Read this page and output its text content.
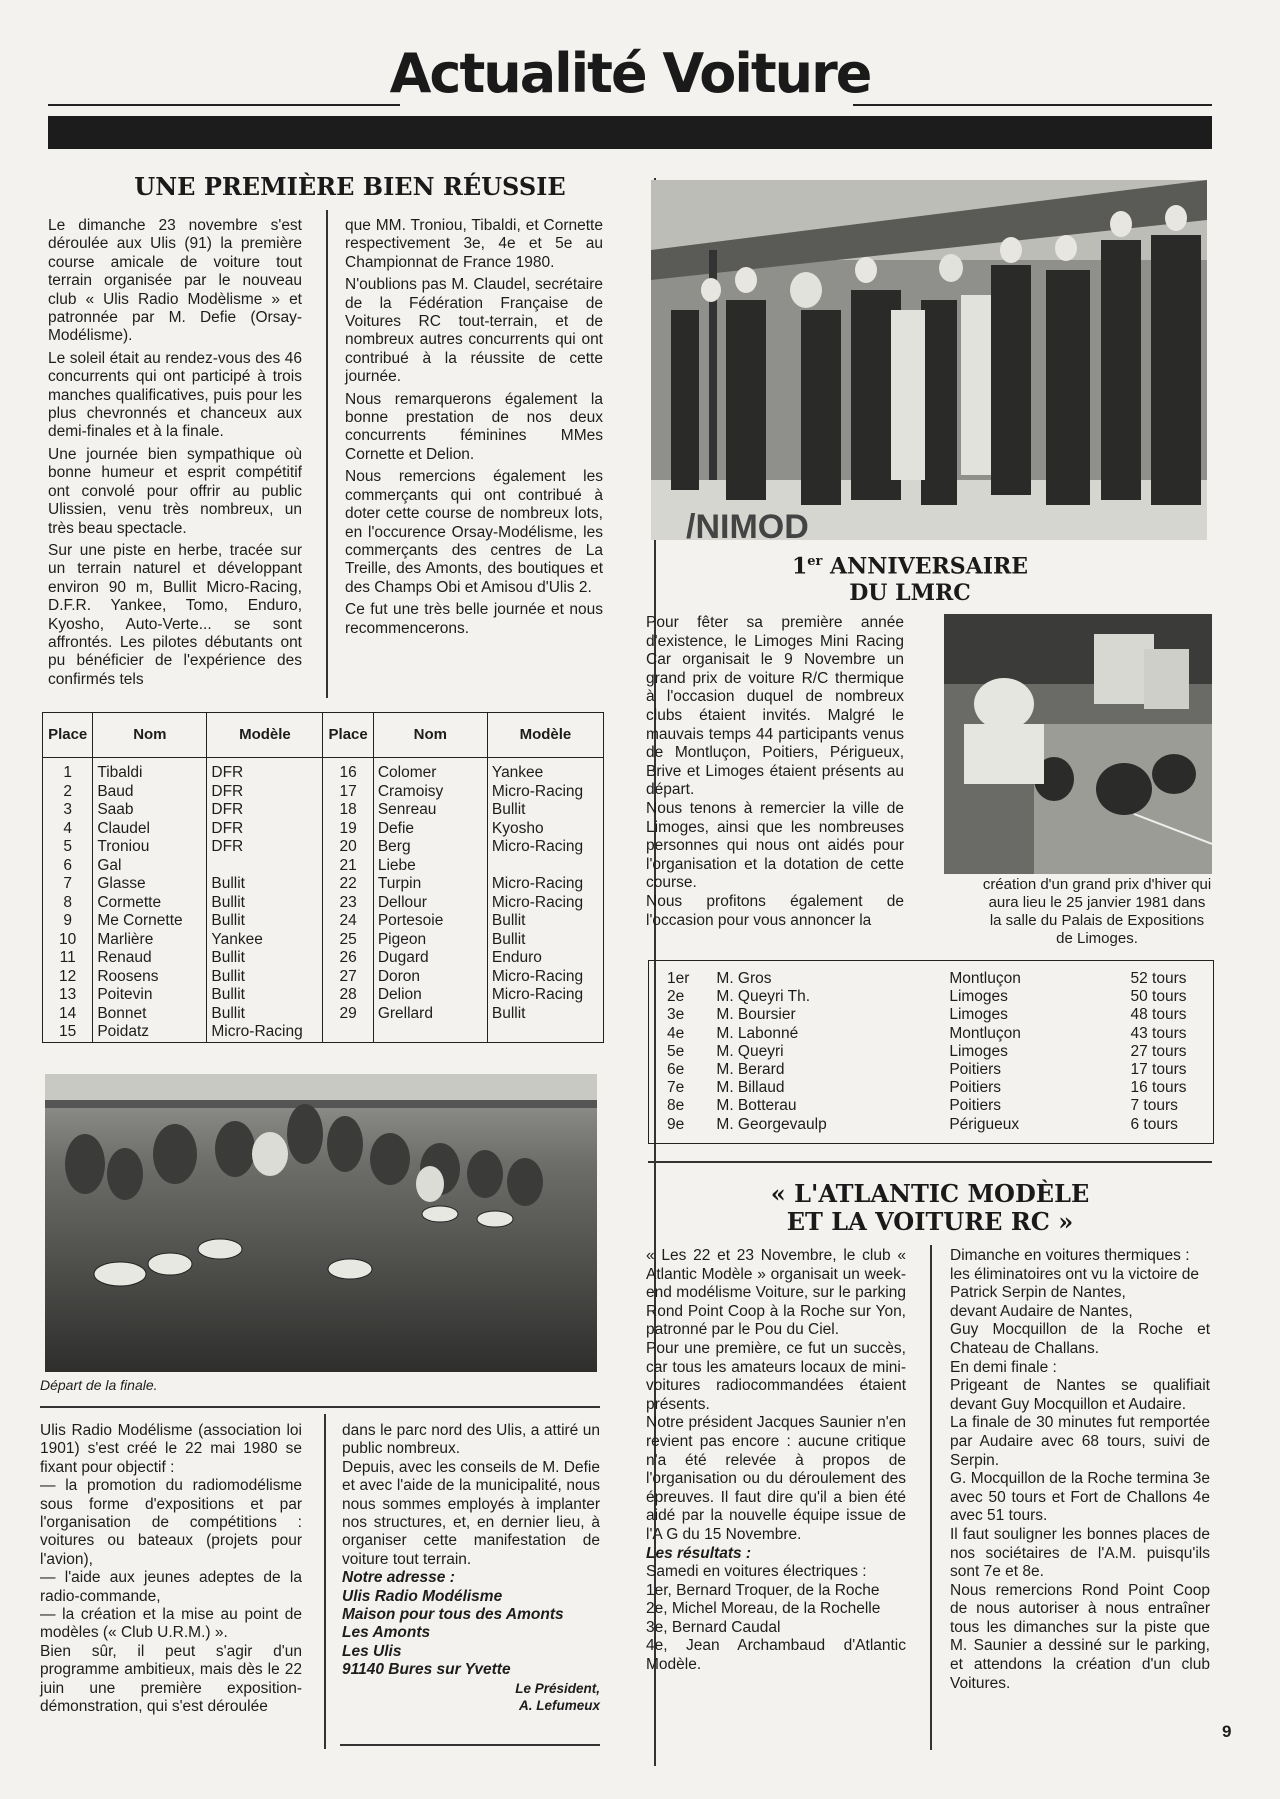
Actualité Voiture
UNE PREMIÈRE BIEN RÉUSSIE

Le dimanche 23 novembre s'est déroulée aux Ulis (91) la première course amicale de voiture tout terrain organisée par le nouveau club « Ulis Radio Modèlisme » et patronnée par M. Defie (Orsay-Modélisme).

Le soleil était au rendez-vous des 46 concurrents qui ont participé à trois manches qualificatives, puis pour les plus chevronnés et chanceux aux demi-finales et à la finale.

Une journée bien sympathique où bonne humeur et esprit compétitif ont convolé pour offrir au public Ulissien, venu très nombreux, un très beau spectacle.

Sur une piste en herbe, tracée sur un terrain naturel et développant environ 90 m, Bullit Micro-Racing, D.F.R. Yankee, Tomo, Enduro, Kyosho, Auto-Verte... se sont affrontés. Les pilotes débutants ont pu bénéficier de l'expérience des confirmés tels

que MM. Troniou, Tibaldi, et Cornette respectivement 3e, 4e et 5e au Championnat de France 1980.

N'oublions pas M. Claudel, secrétaire de la Fédération Française de Voitures RC tout-terrain, et de nombreux autres concurrents qui ont contribué à la réussite de cette journée.

Nous remarquerons également la bonne prestation de nos deux concurrents féminines MMes Cornette et Delion.

Nous remercions également les commerçants qui ont contribué à doter cette course de nombreux lots, en l'occurence Orsay-Modélisme, les commerçants des centres de La Treille, des Amonts, des boutiques et des Champs Obi et Amisou d'Ulis 2.

Ce fut une très belle journée et nous recommencerons.

Place	Nom	Modèle	Place	Nom	Modèle
1	Tibaldi	DFR	16	Colomer	Yankee
2	Baud	DFR	17	Cramoisy	Micro-Racing
3	Saab	DFR	18	Senreau	Bullit
4	Claudel	DFR	19	Defie	Kyosho
5	Troniou	DFR	20	Berg	Micro-Racing
6	Gal		21	Liebe	
7	Glasse	Bullit	22	Turpin	Micro-Racing
8	Cormette	Bullit	23	Dellour	Micro-Racing
9	Me Cornette	Bullit	24	Portesoie	Bullit
10	Marlière	Yankee	25	Pigeon	Bullit
11	Renaud	Bullit	26	Dugard	Enduro
12	Roosens	Bullit	27	Doron	Micro-Racing
13	Poitevin	Bullit	28	Delion	Micro-Racing
14	Bonnet	Bullit	29	Grellard	Bullit
15	Poidatz	Micro-Racing			
Départ de la finale.

Ulis Radio Modélisme (association loi 1901) s'est créé le 22 mai 1980 se fixant pour objectif :

— la promotion du radiomodélisme sous forme d'expositions et par l'organisation de compétitions : voitures ou bateaux (projets pour l'avion),

— l'aide aux jeunes adeptes de la radio-commande,

— la création et la mise au point de modèles (« Club U.R.M.) ».

Bien sûr, il peut s'agir d'un programme ambitieux, mais dès le 22 juin une première exposition-démonstration, qui s'est déroulée

dans le parc nord des Ulis, a attiré un public nombreux.

Depuis, avec les conseils de M. Defie et avec l'aide de la municipalité, nous nous sommes employés à implanter nos structures, et, en dernier lieu, à organiser cette manifestation de voiture tout terrain.

Notre adresse :
Ulis Radio Modélisme
Maison pour tous des Amonts
Les Amonts
Les Ulis
91140 Bures sur Yvette
Le Président,
A. Lefumeux
/NIMOD
1er ANNIVERSAIRE
DU LMRC

Pour fêter sa première année d'existence, le Limoges Mini Racing Car organisait le 9 Novembre un grand prix de voiture R/C thermique à l'occasion duquel de nombreux clubs étaient invités. Malgré le mauvais temps 44 participants venus de Montluçon, Poitiers, Périgueux, Brive et Limoges étaient présents au départ.

Nous tenons à remercier la ville de Limoges, ainsi que les nombreuses personnes qui nous ont aidés pour l'organisation et la dotation de cette course.

Nous profitons également de l'occasion pour vous annoncer la

création d'un grand prix d'hiver qui aura lieu le 25 janvier 1981 dans la salle du Palais de Expositions de Limoges.
1er	M. Gros	Montluçon	52 tours
2e	M. Queyri Th.	Limoges	50 tours
3e	M. Boursier	Limoges	48 tours
4e	M. Labonné	Montluçon	43 tours
5e	M. Queyri	Limoges	27 tours
6e	M. Berard	Poitiers	17 tours
7e	M. Billaud	Poitiers	16 tours
8e	M. Botterau	Poitiers	7 tours
9e	M. Georgevaulp	Périgueux	6 tours
« L'ATLANTIC MODÈLE
ET LA VOITURE RC »

« Les 22 et 23 Novembre, le club « Atlantic Modèle » organisait un week-end modélisme Voiture, sur le parking Rond Point Coop à la Roche sur Yon, patronné par le Pou du Ciel.

Pour une première, ce fut un succès, car tous les amateurs locaux de mini-voitures radiocommandées étaient présents.

Notre président Jacques Saunier n'en revient pas encore : aucune critique n'a été relevée à propos de l'organisation ou du déroulement des épreuves. Il faut dire qu'il a bien été aidé par la nouvelle équipe issue de l'A G du 15 Novembre.

Les résultats :
Samedi en voitures électriques :
1er, Bernard Troquer, de la Roche
2e, Michel Moreau, de la Rochelle
3e, Bernard Caudal
4e, Jean Archambaud d'Atlantic Modèle.
Dimanche en voitures thermiques :
les éliminatoires ont vu la victoire de
Patrick Serpin de Nantes,
devant Audaire de Nantes,
Guy Mocquillon de la Roche et Chateau de Challans.
En demi finale :
Prigeant de Nantes se qualifiait devant Guy Mocquillon et Audaire.
La finale de 30 minutes fut remportée par Audaire avec 68 tours, suivi de Serpin.
G. Mocquillon de la Roche termina 3e avec 50 tours et Fort de Challons 4e avec 51 tours.
Il faut souligner les bonnes places de nos sociétaires de l'A.M. puisqu'ils sont 7e et 8e.
Nous remercions Rond Point Coop de nous autoriser à nous entraîner tous les dimanches sur la piste que M. Saunier a dessiné sur le parking, et attendons la création d'un club Voitures.
9
